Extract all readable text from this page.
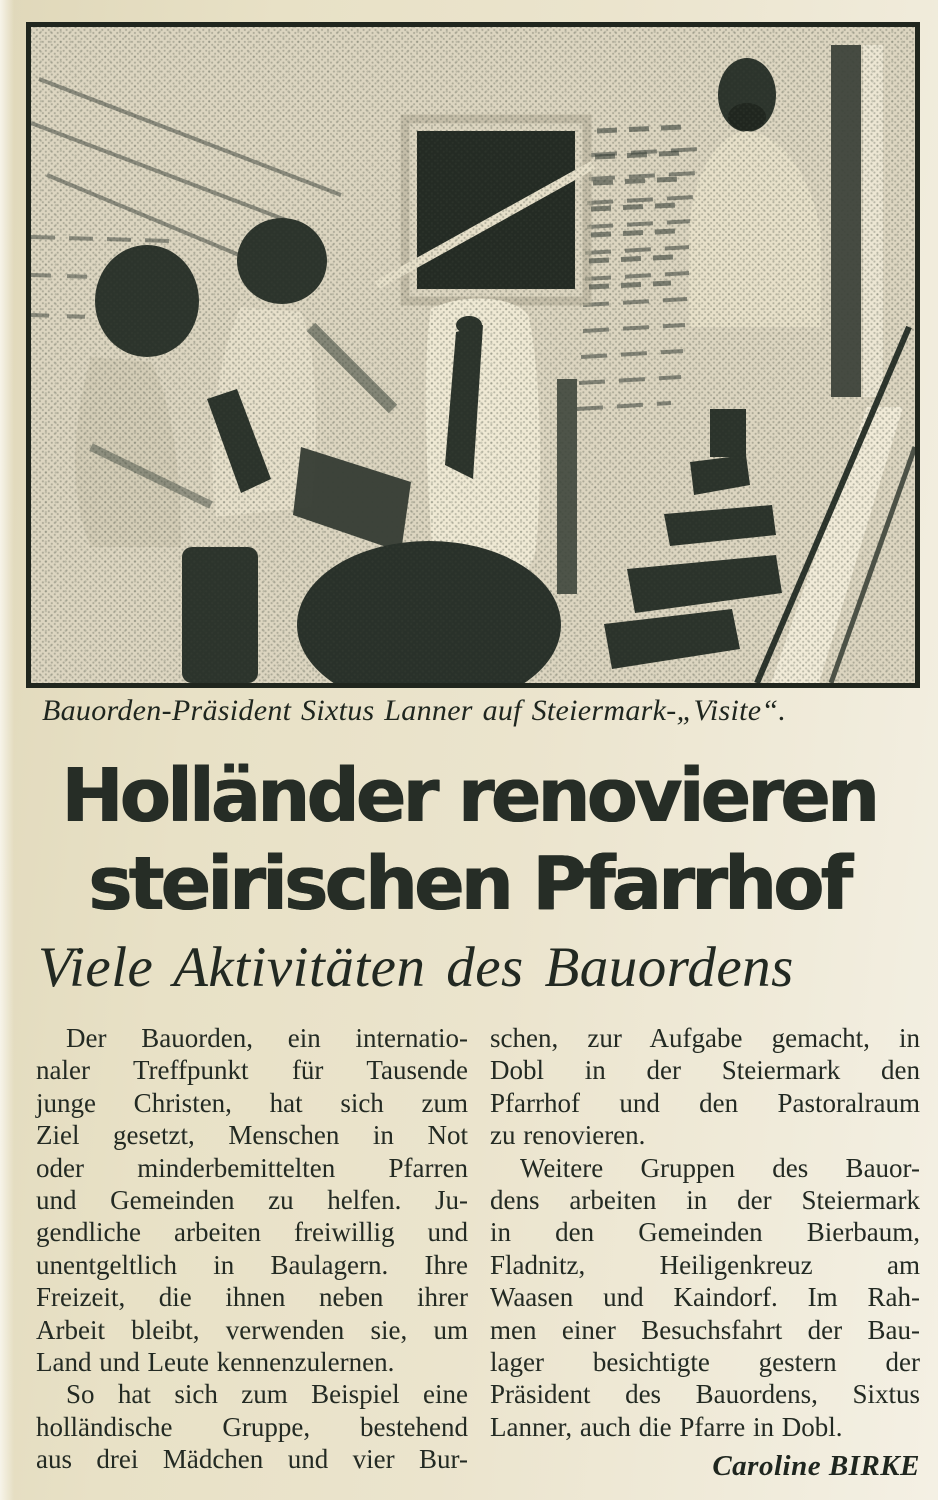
Bauorden-Präsident Sixtus Lanner auf Steiermark-„Visite“.
Holländer renovieren
steirischen Pfarrhof
Viele Aktivitäten des Bauordens
Der Bauorden, ein internatio-
naler Treffpunkt für Tausende
junge Christen, hat sich zum
Ziel gesetzt, Menschen in Not
oder minderbemittelten Pfarren
und Gemeinden zu helfen. Ju-
gendliche arbeiten freiwillig und
unentgeltlich in Baulagern. Ihre
Freizeit, die ihnen neben ihrer
Arbeit bleibt, verwenden sie, um
Land und Leute kennenzulernen.
So hat sich zum Beispiel eine
holländische Gruppe, bestehend
aus drei Mädchen und vier Bur-
schen, zur Aufgabe gemacht, in
Dobl in der Steiermark den
Pfarrhof und den Pastoralraum
zu renovieren.
Weitere Gruppen des Bauor-
dens arbeiten in der Steiermark
in den Gemeinden Bierbaum,
Fladnitz, Heiligenkreuz am
Waasen und Kaindorf. Im Rah-
men einer Besuchsfahrt der Bau-
lager besichtigte gestern der
Präsident des Bauordens, Sixtus
Lanner, auch die Pfarre in Dobl.
Caroline BIRKE
